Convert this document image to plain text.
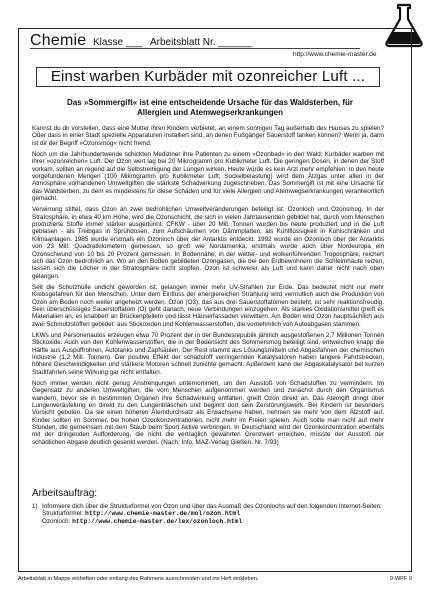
Chemie Klasse ___ Arbeitsblatt Nr. ______
http://www.chemie-master.de
Einst warben Kurbäder mit ozonreicher Luft ...
Das »Sommergift« ist eine entscheidende Ursache für das Waldsterben, für Allergien und Atemwegserkrankungen

Kannst du dir vorstellen, dass eine Mutter ihren Kindern verbietet, an einem sonnigen Tag außerhalb des Hauses zu spielen? Oder dass in einer Stadt spezielle Apparaturen installiert sind, an denen Fußgänger Sauerstoff tanken können? Wenn ja, dann ist dir der Begriff »Ozonsmog« nicht fremd.

Noch um die Jahrhundertwende schickten Mediziner ihre Patienten zu einem »Ozonbad« in den Wald; Kurbäder warben mit ihrer »ozonreichen« Luft. Der Ozon wert lag bei 20 Mikrogramm pro Kubikmeter Luft. Die geringen Dosen, in denen der Stoff vorkam, sollten an regend auf die Selbstreinigung der Lungen wirken. Heute würde es kein Arzt mehr empfehlen. In den heute vorgefundenen Mengen (100 Mikrogramm pro Kubikmeter Luft; Sockelbelastung) wird dem Ätzgas unter allen in der Atmosphäre vorhandenen Umweltgiften die stärkste Schadwirkung zugeschrieben. Das Sommergift ist mit eine Ursache für das Waldsterben, zu dem es mindestens für diese Schäden und für viele Allergien und Atemwegserkrankungen verantwortlich gemacht.

Verwirrung stiftet, dass Ozon an zwei bedrohlichen Umweltveränderungen beteiligt ist: Ozonloch und Ozonsmog. In der Stratosphäre, in etwa 40 km Höhe, wird die Ozonschicht, die sich in vielen Jahrtausenden gebildet hat, durch vom Menschen produzierte Stoffe immer stärker ausgedünnt. CFKW - über 20 Mill. Tonnen wurden bis heute produziert und in die Luft geblasen - als Treibgas in Sprühdosen, zum Aufschäumen von Dämmplatten, als Kühlflüssigkeit in Kühlschränken und Klimaanlagen. 1985 wurde erstmals ein Ozonloch über der Antarktis entdeckt. 1992 wurde ein Ozonloch über der Antarktis von 23 Mill. Quadratkilometern gemessen, so groß wie Nordamerika, erstmals wurde auch über Nordeuropa ein Ozonschwund von 10 bis 20 Prozent gemessen. In Bodennähe, in der wetter- und wolkenführenden Troposphäre, reichert sich das Ozon bedrohlich an. Wo an den Boden gebildeten Ozongasen, die bei den Erdbewohnern die Schleimhäute reizen, lassen sich die Löcher in der Stratosphäre nicht stopfen. Ozon ist schwerer als Luft und kann daher nicht nach oben gelangen.

Seit die Schutzhülle undicht geworden ist, gelangen immer mehr UV-Strahlen zur Erde. Das bedeutet nicht nur mehr Krebsgefahren für den Menschen. Unter dem Einfluss der energiereichen Strahlung wird vermutlich auch die Produktion von Ozon am Boden noch weiter angeheizt werden. Ozon (O3), das aus drei Sauerstoffatomen besteht, ist sehr reaktionsfreudig. Sein überschüssiges Sauerstoffatom (O) geht danach, neue Verbindungen einzugehen. Als starkes Oxidationsmittel greift es Materialien an, es knabbert an Brückenpfeilern und lässt Häuserfassaden verwittern. Am Boden wird Ozon hauptsächlich aus zwei Schmutzstoffen gebildet: aus Stickoxiden und Kohlenwasserstoffen, die vornehmlich von Autoabgasen stammen.

LKWs und Personenautos erzeugen etwa 70 Prozent der in der Bundesrepublik jährlich ausgestoßenen 2,7 Millionen Tonnen Stickoxide. Auch von den Kohlenwasserstoffen, die in der Bodensicht des Sommersmog beteiligt sind, entweichen knapp die Hälfte aus Auspuffrohren, Autotanks und Zapfsäulen. Der Rest stammt aus Lösungsmitteln und Abgasfahnen der chemischen Industrie (1,2 Mill. Tonnen). Der positive Effekt der schadstoff verringernden Katalysatoren haben langere Fahrtstrecken, höhere Geschwindigkeiten und stärkere Motoren schnell zunichte gemacht. Außerdem kann der Abgaskatalysator bei kurzen Stadtfahrten seine Wirkung gar nicht entfalten.

Noch immer werden nicht genug Anstrengungen unternommen, um den Ausstoß von Schadstoffen zu vermindern. Im Gegensatz zu anderen Umweltgiften, die vom Menschen aufgenommen werden und zunächst durch den Organismus wandern, bevor sie in bestimmten Organen ihre Schadwirkung entfalten, greift Ozon direkt an. Das Atemgift dringt über Lungenverästelung en direkt zu den Lungenbläschen und beginnt dort sein Zerstörungswerk. Bei Kindern ist besonders Vorsicht geboten. Da sie einen höheren Atemdurchsatz als Erwachsene haben, nehmen sie mehr von dem Ätzstoff auf. Kinder sollten im Sommer, bei hohen Ozonkonzentrationen, nicht mehr im Freien spielen. Auch sollte man nicht auf mehr Stunden, die gemeinsam mit dem Staub beim Sport Aktive verbringen. In Deutschland wird der Ozonkonzentration ebenfalls mit der dringenden Aufforderung, die nicht die vertraglich gewährten Grenzwert erreichen, müsste der Ausstoß der schädlichen Abgase deutlich gesenkt werden. (Nach: Info, MAZ-Verlag Gießen, Nr. 7/93)

Arbeitsauftrag:
1) Informiere dich über die Strukturformel von Ozon und über das Ausmaß des Ozonlochs auf den folgenden Internet-Seiten:
Strukturformel: http://www.chemie-master.de/mol/ozon.html
Ozonloch: http://www.chemie-master.de/lex/ozonloch.html
Arbeitsblatt in Mappe einheften oder entlang des Rahmens ausschneiden und ins Heft einkleben.	9-WPF 9
